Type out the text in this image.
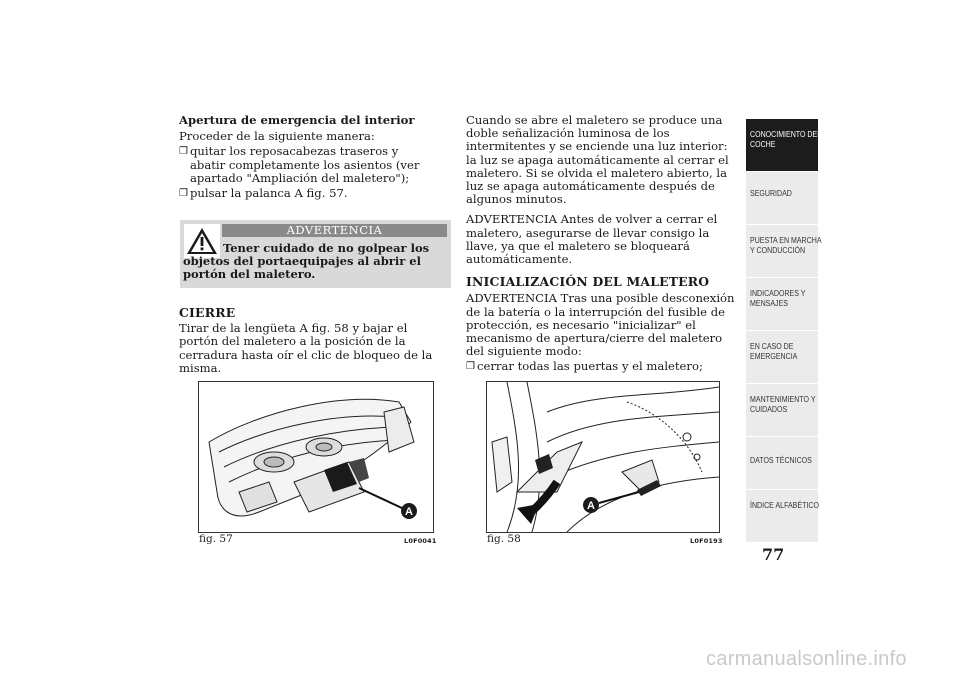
Apertura de emergencia del interior

Proceder de la siguiente manera:

❐ quitar los reposacabezas traseros y abatir completamente los asientos (ver apartado "Ampliación del maletero");
❐ pulsar la palanca A fig. 57.
ADVERTENCIA

Tener cuidado de no golpear los objetos del portaequipajes al abrir el portón del maletero.

CIERRE

Tirar de la lengüeta A fig. 58 y bajar el portón del maletero a la posición de la cerradura hasta oír el clic de bloqueo de la misma.

Cuando se abre el maletero se produce una doble señalización luminosa de los intermitentes y se enciende una luz interior: la luz se apaga automáticamente al cerrar el maletero. Si se olvida el maletero abierto, la luz se apaga automáticamente después de algunos minutos.

ADVERTENCIA Antes de volver a cerrar el maletero, asegurarse de llevar consigo la llave, ya que el maletero se bloqueará automáticamente.

INICIALIZACIÓN DEL MALETERO

ADVERTENCIA Tras una posible desconexión de la batería o la interrupción del fusible de protección, es necesario "inicializar" el mecanismo de apertura/cierre del maletero del siguiente modo:

❐ cerrar todas las puertas y el maletero;
A
fig. 57	L0F0041
A
fig. 58	L0F0193
CONOCIMIENTO DEL COCHE
SEGURIDAD
PUESTA EN MARCHA Y CONDUCCIÓN
INDICADORES Y MENSAJES
EN CASO DE EMERGENCIA
MANTENIMIENTO Y CUIDADOS
DATOS TÉCNICOS
ÍNDICE ALFABÉTICO
77
carmanualsonline.info
